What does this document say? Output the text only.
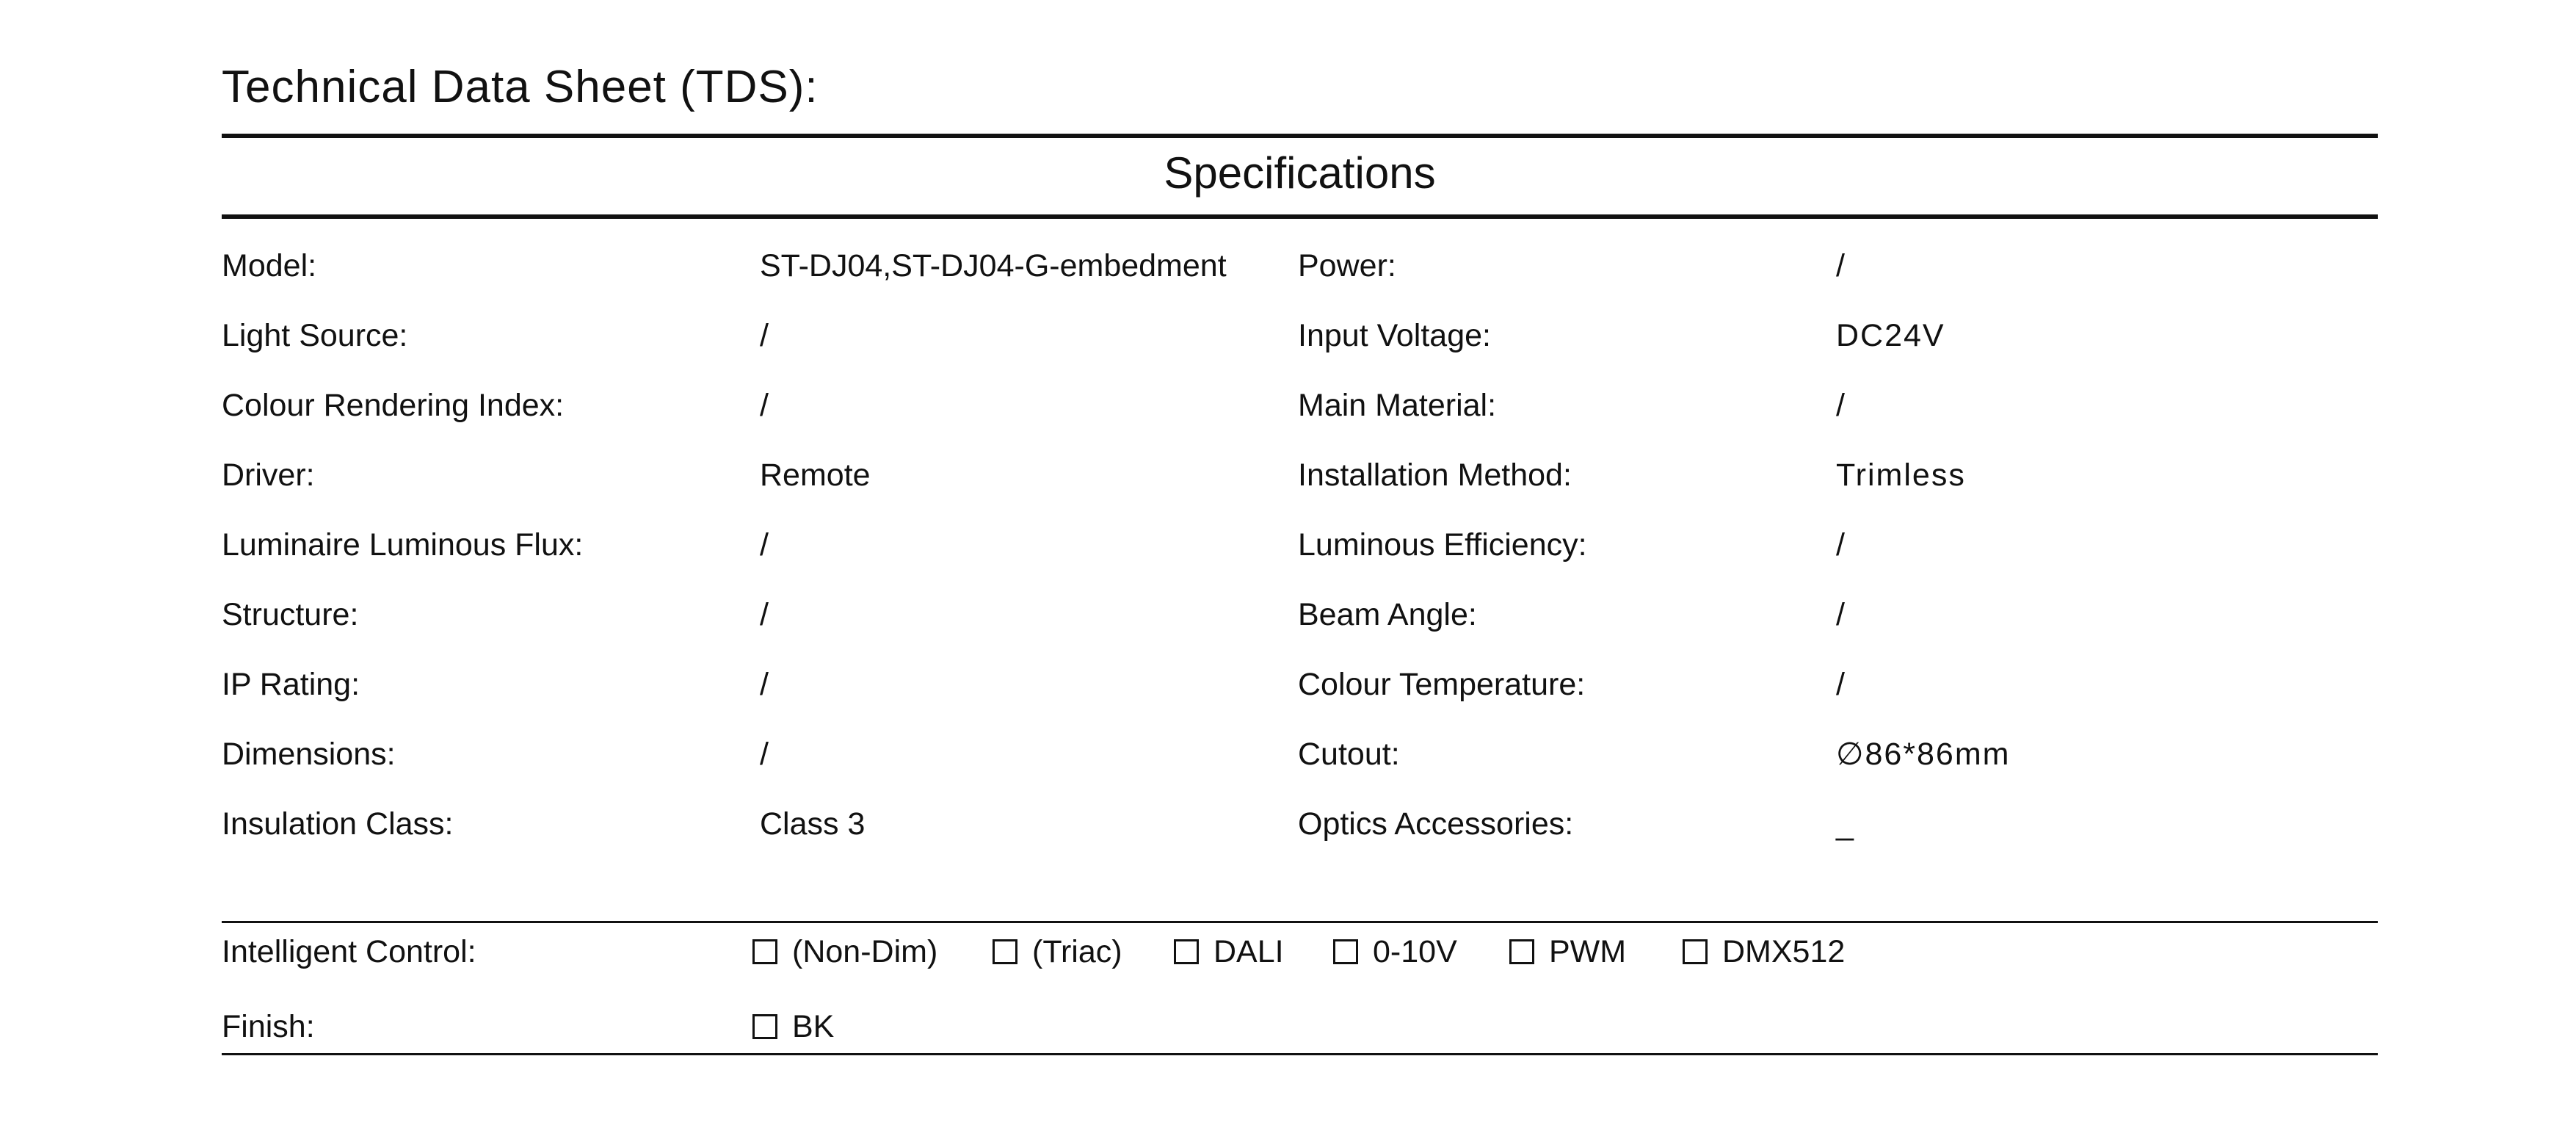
Technical Data Sheet (TDS):
Specifications
Model:	ST-DJ04,ST-DJ04-G-embedment Power:	/
Light Source:	/	Input Voltage:	DC24V
Colour Rendering Index:	/	Main Material:	/
Driver:	Remote	Installation Method:	Trimless
Luminaire Luminous Flux:	/	Luminous Efficiency:	/
Structure:	/	Beam Angle:	/
IP Rating:	/	Colour Temperature:	/
Dimensions:	/	Cutout:	∅86*86mm
Insulation Class:	Class 3	Optics Accessories:	_
Intelligent Control:	(Non-Dim)	(Triac)	DALI	0-10V	PWM	DMX512
Finish:	BK
